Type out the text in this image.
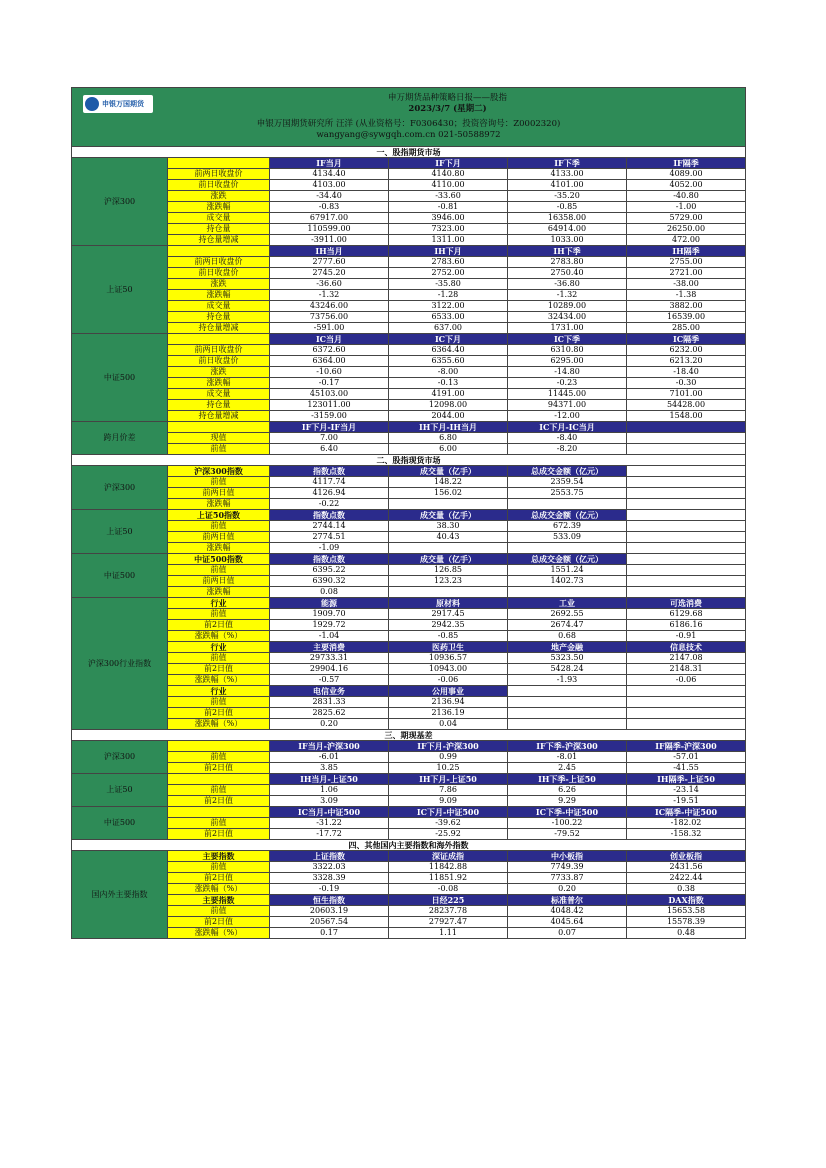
申银万国期货
申万期货品种策略日报——股指
2023/3/7 (星期二)
申银万国期货研究所 汪洋 (从业资格号：F0306430；投资咨询号：Z0002320)
wangyang@sywgqh.com.cn 021-50588972					

一、股指期货市场					
沪深300		IF当月	IF下月	IF下季	IF隔季
	前两日收盘价	4134.40	4140.80	4133.00	4089.00
	前日收盘价	4103.00	4110.00	4101.00	4052.00
	涨跌	-34.40	-33.60	-35.20	-40.80
	涨跌幅	-0.83	-0.81	-0.85	-1.00
	成交量	67917.00	3946.00	16358.00	5729.00
	持仓量	110599.00	7323.00	64914.00	26250.00
	持仓量增减	-3911.00	1311.00	1033.00	472.00
上证50		IH当月	IH下月	IH下季	IH隔季
	前两日收盘价	2777.60	2783.60	2783.80	2755.00
	前日收盘价	2745.20	2752.00	2750.40	2721.00
	涨跌	-36.60	-35.80	-36.80	-38.00
	涨跌幅	-1.32	-1.28	-1.32	-1.38
	成交量	43246.00	3122.00	10289.00	3882.00
	持仓量	73756.00	6533.00	32434.00	16539.00
	持仓量增减	-591.00	637.00	1731.00	285.00
中证500		IC当月	IC下月	IC下季	IC隔季
	前两日收盘价	6372.60	6364.40	6310.80	6232.00
	前日收盘价	6364.00	6355.60	6295.00	6213.20
	涨跌	-10.60	-8.00	-14.80	-18.40
	涨跌幅	-0.17	-0.13	-0.23	-0.30
	成交量	45103.00	4191.00	11445.00	7101.00
	持仓量	123011.00	12098.00	94371.00	54428.00
	持仓量增减	-3159.00	2044.00	-12.00	1548.00
跨月价差		IF下月-IF当月	IH下月-IH当月	IC下月-IC当月	
	现值	7.00	6.80	-8.40	
	前值	6.40	6.00	-8.20	
二、股指现货市场					
沪深300	沪深300指数	指数点数	成交量（亿手）	总成交金额（亿元）	
	前值	4117.74	148.22	2359.54	
	前两日值	4126.94	156.02	2553.75	
	涨跌幅	-0.22			
上证50	上证50指数	指数点数	成交量（亿手）	总成交金额（亿元）	
	前值	2744.14	38.30	672.39	
	前两日值	2774.51	40.43	533.09	
	涨跌幅	-1.09			
中证500	中证500指数	指数点数	成交量（亿手）	总成交金额（亿元）	
	前值	6395.22	126.85	1551.24	
	前两日值	6390.32	123.23	1402.73	
	涨跌幅	0.08			
沪深300行业指数	行业	能源	原材料	工业	可选消费
	前值	1909.70	2917.45	2692.55	6129.68
	前2日值	1929.72	2942.35	2674.47	6186.16
	涨跌幅（%）	-1.04	-0.85	0.68	-0.91
	行业	主要消费	医药卫生	地产金融	信息技术
	前值	29733.31	10936.57	5323.50	2147.08
	前2日值	29904.16	10943.00	5428.24	2148.31
	涨跌幅（%）	-0.57	-0.06	-1.93	-0.06
	行业	电信业务	公用事业		
	前值	2831.33	2136.94		
	前2日值	2825.62	2136.19		
	涨跌幅（%）	0.20	0.04		
三、期现基差					
沪深300		IF当月-沪深300	IF下月-沪深300	IF下季-沪深300	IF隔季-沪深300
	前值	-6.01	0.99	-8.01	-57.01
	前2日值	3.85	10.25	2.45	-41.55
上证50		IH当月-上证50	IH下月-上证50	IH下季-上证50	IH隔季-上证50
	前值	1.06	7.86	6.26	-23.14
	前2日值	3.09	9.09	9.29	-19.51
中证500		IC当月-中证500	IC下月-中证500	IC下季-中证500	IC隔季-中证500
	前值	-31.22	-39.62	-100.22	-182.02
	前2日值	-17.72	-25.92	-79.52	-158.32
四、其他国内主要指数和海外指数					
国内外主要指数	主要指数	上证指数	深证成指	中小板指	创业板指
	前值	3322.03	11842.88	7749.39	2431.56
	前2日值	3328.39	11851.92	7733.87	2422.44
	涨跌幅（%）	-0.19	-0.08	0.20	0.38
	主要指数	恒生指数	日经225	标准普尔	DAX指数
	前值	20603.19	28237.78	4048.42	15653.58
	前2日值	20567.54	27927.47	4045.64	15578.39
	涨跌幅（%）	0.17	1.11	0.07	0.48
